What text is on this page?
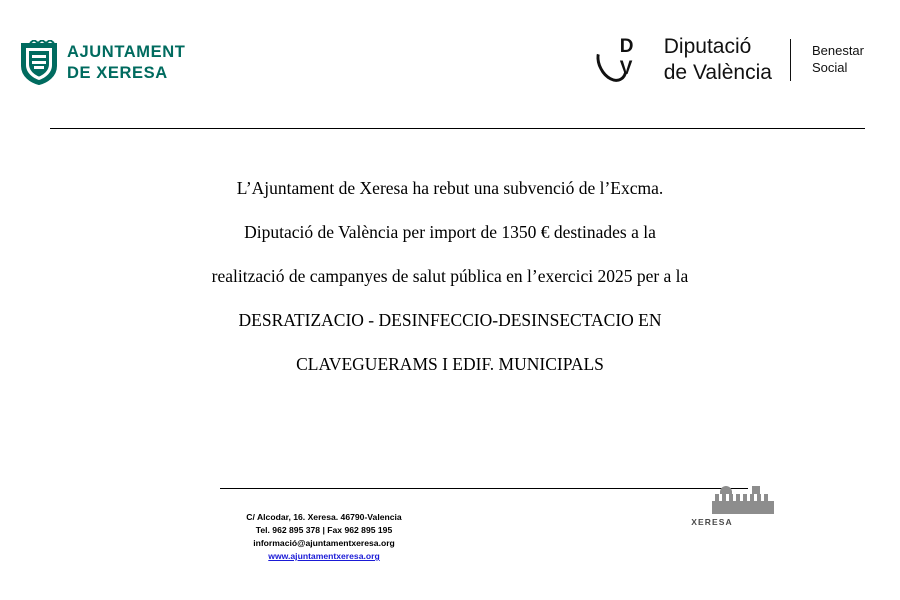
AJUNTAMENT
DE XERESA
D
V
Diputació
de València
Benestar
Social

L’Ajuntament de Xeresa ha rebut una subvenció de l’Excma.

Diputació de València per import de 1350 € destinades a la

realització de campanyes de salut pública en l’exercici 2025 per a la

DESRATIZACIO - DESINFECCIO-DESINSECTACIO EN

CLAVEGUERAMS I EDIF. MUNICIPALS

C/ Alcodar, 16. Xeresa. 46790-Valencia
Tel. 962 895 378 | Fax 962 895 195
informació@ajuntamentxeresa.org
www.ajuntamentxeresa.org
XERESA
